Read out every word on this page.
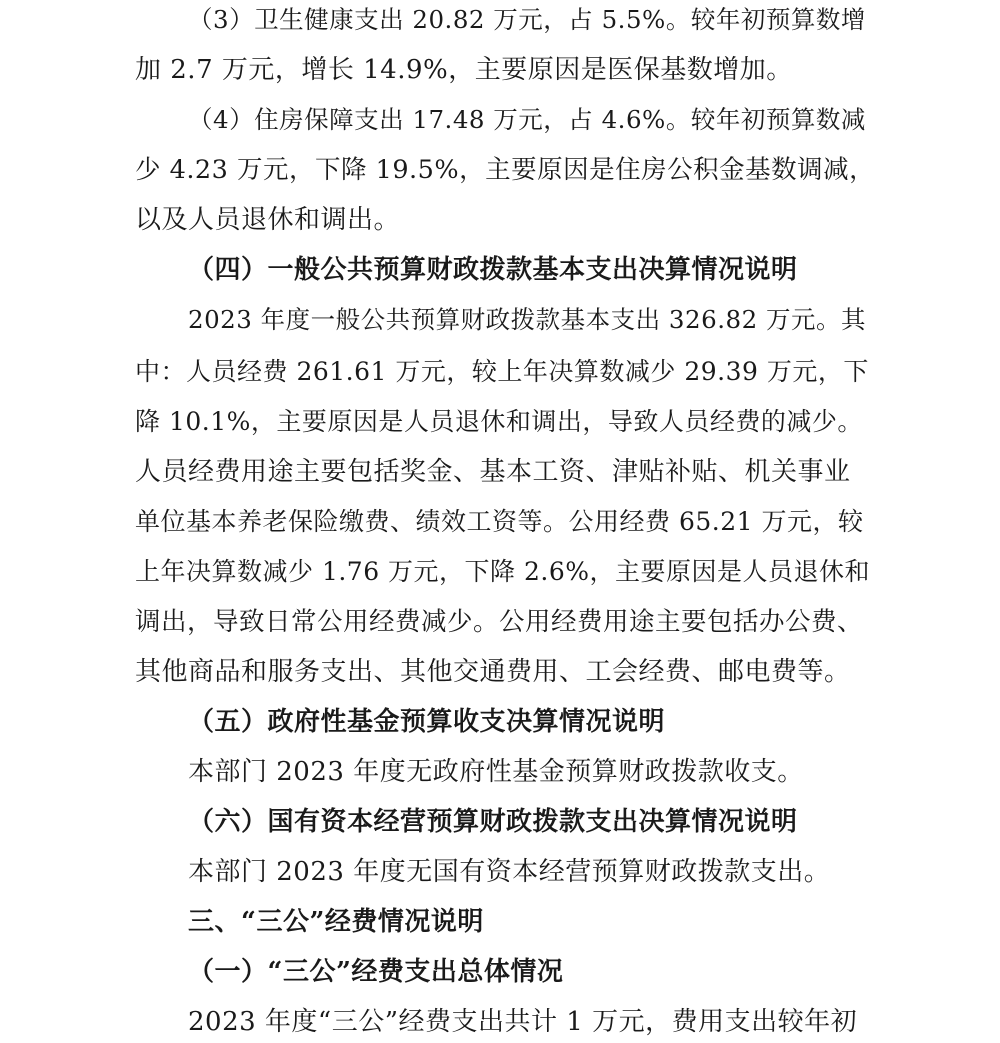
（3）卫生健康支出 20.82 万元，占 5.5%。较年初预算数增
加 2.7 万元，增长 14.9%，主要原因是医保基数增加。
（4）住房保障支出 17.48 万元，占 4.6%。较年初预算数减
少 4.23 万元，下降 19.5%，主要原因是住房公积金基数调减，
以及人员退休和调出。
（四）一般公共预算财政拨款基本支出决算情况说明
2023 年度一般公共预算财政拨款基本支出 326.82 万元。其
中：人员经费 261.61 万元，较上年决算数减少 29.39 万元，下
降 10.1%，主要原因是人员退休和调出，导致人员经费的减少。
人员经费用途主要包括奖金、基本工资、津贴补贴、机关事业
单位基本养老保险缴费、绩效工资等。公用经费 65.21 万元，较
上年决算数减少 1.76 万元，下降 2.6%，主要原因是人员退休和
调出，导致日常公用经费减少。公用经费用途主要包括办公费、
其他商品和服务支出、其他交通费用、工会经费、邮电费等。
（五）政府性基金预算收支决算情况说明
本部门 2023 年度无政府性基金预算财政拨款收支。
（六）国有资本经营预算财政拨款支出决算情况说明
本部门 2023 年度无国有资本经营预算财政拨款支出。
三、“三公”经费情况说明
（一）“三公”经费支出总体情况
2023 年度“三公”经费支出共计 1 万元，费用支出较年初
